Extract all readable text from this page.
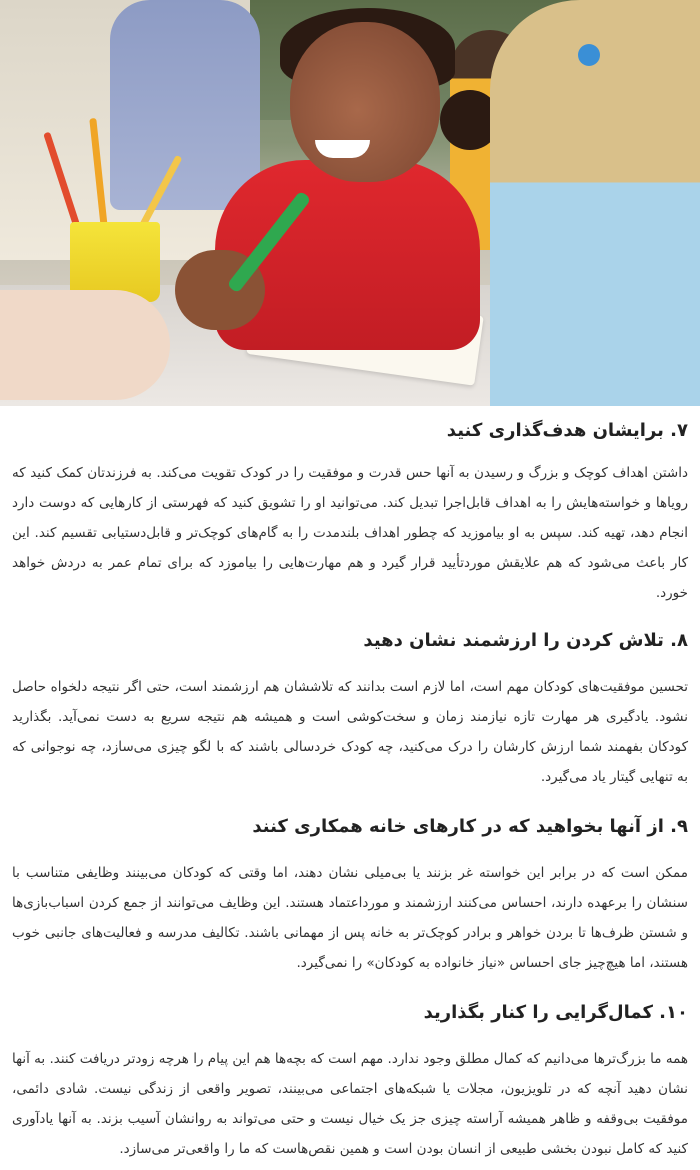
۷. برایشان هدف‌گذاری کنید

داشتن اهداف کوچک و بزرگ و رسیدن به آنها حس قدرت و موفقیت را در کودک تقویت می‌کند. به فرزندتان کمک کنید که رویاها و خواسته‌هایش را به اهداف قابل‌اجرا تبدیل کند. می‌توانید او را تشویق کنید که فهرستی از کارهایی که دوست دارد انجام دهد، تهیه کند. سپس به او بیاموزید که چطور اهداف بلندمدت را به گام‌های کوچک‌تر و قابل‌دستیابی تقسیم کند. این کار باعث می‌شود که هم علایقش موردتأیید قرار گیرد و هم مهارت‌هایی را بیاموزد که برای تمام عمر به دردش خواهد خورد.

۸. تلاش کردن را ارزشمند نشان دهید

تحسین موفقیت‌های کودکان مهم است، اما لازم است بدانند که تلاششان هم ارزشمند است، حتی اگر نتیجه دلخواه حاصل نشود. یادگیری هر مهارت تازه نیازمند زمان و سخت‌کوشی است و همیشه هم نتیجه سریع به دست نمی‌آید. بگذارید کودکان بفهمند شما ارزش کارشان را درک می‌کنید، چه کودک خردسالی باشند که با لگو چیزی می‌سازد، چه نوجوانی که به تنهایی گیتار یاد می‌گیرد.

۹. از آنها بخواهید که در کارهای خانه همکاری کنند

ممکن است که در برابر این خواسته غر بزنند یا بی‌میلی نشان دهند، اما وقتی که کودکان می‌بینند وظایفی متناسب با سنشان را برعهده دارند، احساس می‌کنند ارزشمند و مورداعتماد هستند. این وظایف می‌توانند از جمع کردن اسباب‌بازی‌ها و شستن ظرف‌ها تا بردن خواهر و برادر کوچک‌تر به خانه پس از مهمانی باشند. تکالیف مدرسه و فعالیت‌های جانبی خوب هستند، اما هیچ‌چیز جای احساس «نیاز خانواده به کودکان» را نمی‌گیرد.

۱۰. کمال‌گرایی را کنار بگذارید

همه ما بزرگ‌ترها می‌دانیم که کمال مطلق وجود ندارد. مهم است که بچه‌ها هم این پیام را هرچه زودتر دریافت کنند. به آنها نشان دهید آنچه که در تلویزیون، مجلات یا شبکه‌های اجتماعی می‌بینند، تصویر واقعی از زندگی نیست. شادی دائمی، موفقیت بی‌وقفه و ظاهر همیشه آراسته چیزی جز یک خیال نیست و حتی می‌تواند به روانشان آسیب بزند. به آنها یادآوری کنید که کامل نبودن بخشی طبیعی از انسان بودن است و همین نقص‌هاست که ما را واقعی‌تر می‌سازد.
